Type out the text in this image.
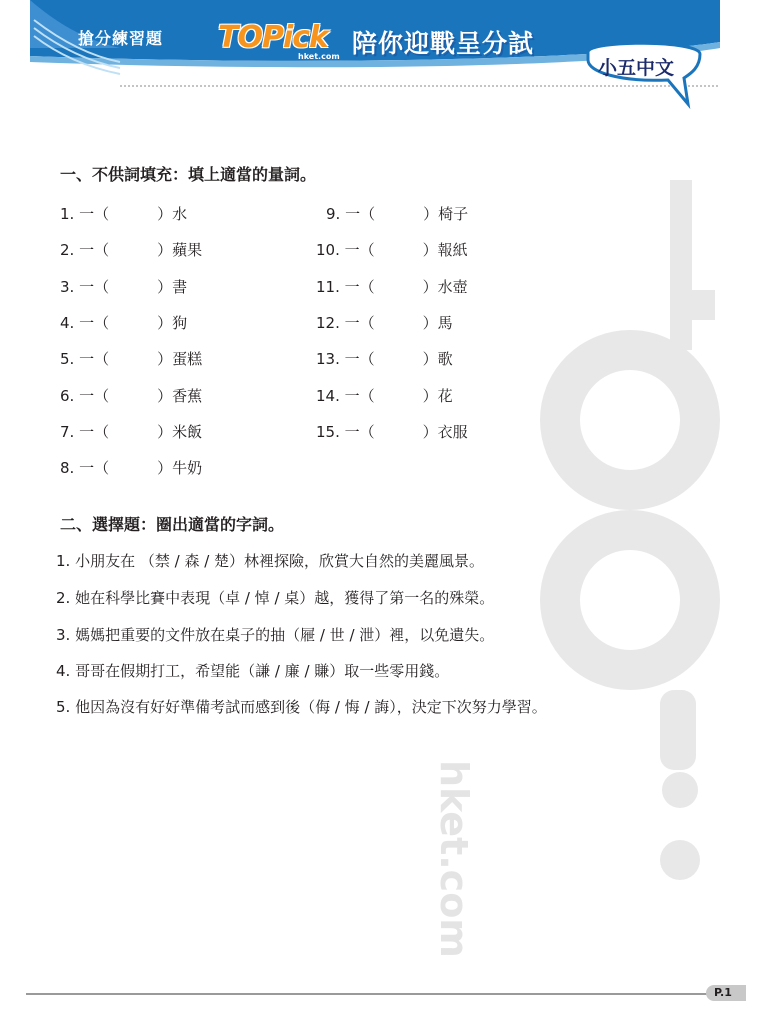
搶分練習題 TOPick
hket.com 陪你迎戰呈分試
小五中文
hket.com
一、不供詞填充：填上適當的量詞。
1. 一（	）水
2. 一（	）蘋果
3. 一（	）書
4. 一（	）狗
5. 一（	）蛋糕
6. 一（	）香蕉
7. 一（	）米飯
8. 一（	）牛奶
9. 一（	）椅子
10. 一（	）報紙
11. 一（	）水壺
12. 一（	）馬
13. 一（	）歌
14. 一（	）花
15. 一（	）衣服
二、選擇題：圈出適當的字詞。
1. 小朋友在 （禁 / 森 / 楚）林裡探險，欣賞大自然的美麗風景。
2. 她在科學比賽中表現（卓 / 悼 / 桌）越，獲得了第一名的殊榮。
3. 媽媽把重要的文件放在桌子的抽（屜 / 世 / 泄）裡，以免遺失。
4. 哥哥在假期打工，希望能（謙 / 廉 / 賺）取一些零用錢。
5. 他因為沒有好好準備考試而感到後（侮 / 悔 / 誨），決定下次努力學習。
P.1
